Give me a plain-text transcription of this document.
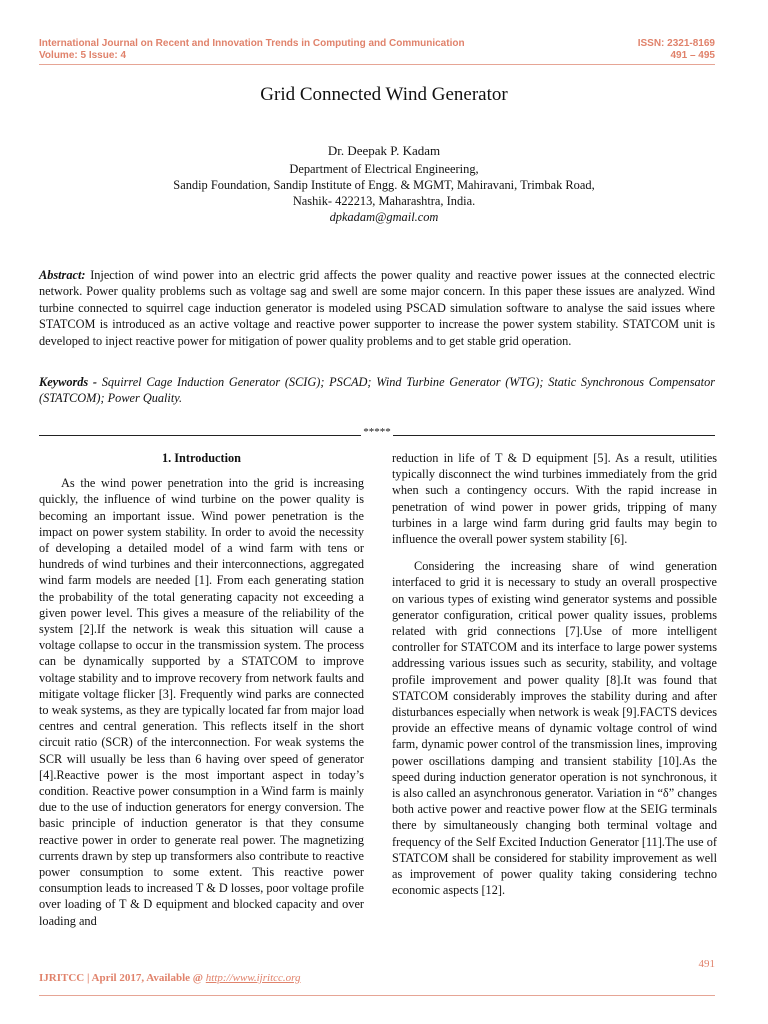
International Journal on Recent and Innovation Trends in Computing and Communication
Volume: 5 Issue: 4
ISSN: 2321-8169
491 – 495
Grid Connected Wind Generator
Dr. Deepak P. Kadam
Department of Electrical Engineering,
Sandip Foundation, Sandip Institute of Engg. & MGMT, Mahiravani, Trimbak Road,
Nashik- 422213, Maharashtra, India.
dpkadam@gmail.com
Abstract: Injection of wind power into an electric grid affects the power quality and reactive power issues at the connected electric network. Power quality problems such as voltage sag and swell are some major concern. In this paper these issues are analyzed. Wind turbine connected to squirrel cage induction generator is modeled using PSCAD simulation software to analyse the said issues where STATCOM is introduced as an active voltage and reactive power supporter to increase the power system stability. STATCOM unit is developed to inject reactive power for mitigation of power quality problems and to get stable grid operation.
Keywords - Squirrel Cage Induction Generator (SCIG); PSCAD; Wind Turbine Generator (WTG); Static Synchronous Compensator (STATCOM); Power Quality.
*****
1. Introduction

As the wind power penetration into the grid is increasing quickly, the influence of wind turbine on the power quality is becoming an important issue. Wind power penetration is the impact on power system stability. In order to avoid the necessity of developing a detailed model of a wind farm with tens or hundreds of wind turbines and their interconnections, aggregated wind farm models are needed [1]. From each generating station the probability of the total generating capacity not exceeding a given power level. This gives a measure of the reliability of the system [2].If the network is weak this situation will cause a voltage collapse to occur in the transmission system. The process can be dynamically supported by a STATCOM to improve voltage stability and to improve recovery from network faults and mitigate voltage flicker [3]. Frequently wind parks are connected to weak systems, as they are typically located far from major load centres and central generation. This reflects itself in the short circuit ratio (SCR) of the interconnection. For weak systems the SCR will usually be less than 6 having over speed of generator [4].Reactive power is the most important aspect in today’s condition. Reactive power consumption in a Wind farm is mainly due to the use of induction generators for energy conversion. The basic principle of induction generator is that they consume reactive power in order to generate real power. The magnetizing currents drawn by step up transformers also contribute to reactive power consumption to some extent. This reactive power consumption leads to increased T & D losses, poor voltage profile over loading of T & D equipment and blocked capacity and over loading and

reduction in life of T & D equipment [5]. As a result, utilities typically disconnect the wind turbines immediately from the grid when such a contingency occurs. With the rapid increase in penetration of wind power in power grids, tripping of many turbines in a large wind farm during grid faults may begin to influence the overall power system stability [6].

Considering the increasing share of wind generation interfaced to grid it is necessary to study an overall prospective on various types of existing wind generator systems and possible generator configuration, critical power quality issues, problems related with grid connections [7].Use of more intelligent controller for STATCOM and its interface to large power systems addressing various issues such as security, stability, and voltage profile improvement and power quality [8].It was found that STATCOM considerably improves the stability during and after disturbances especially when network is weak [9].FACTS devices provide an effective means of dynamic voltage control of wind farm, dynamic power control of the transmission lines, improving power oscillations damping and transient stability [10].As the speed during induction generator operation is not synchronous, it is also called an asynchronous generator. Variation in “δ” changes both active power and reactive power flow at the SEIG terminals there by simultaneously changing both terminal voltage and frequency of the Self Excited Induction Generator [11].The use of STATCOM shall be considered for stability improvement as well as improvement of power quality taking considering techno economic aspects [12].

491
IJRITCC | April 2017, Available @ http://www.ijritcc.org
